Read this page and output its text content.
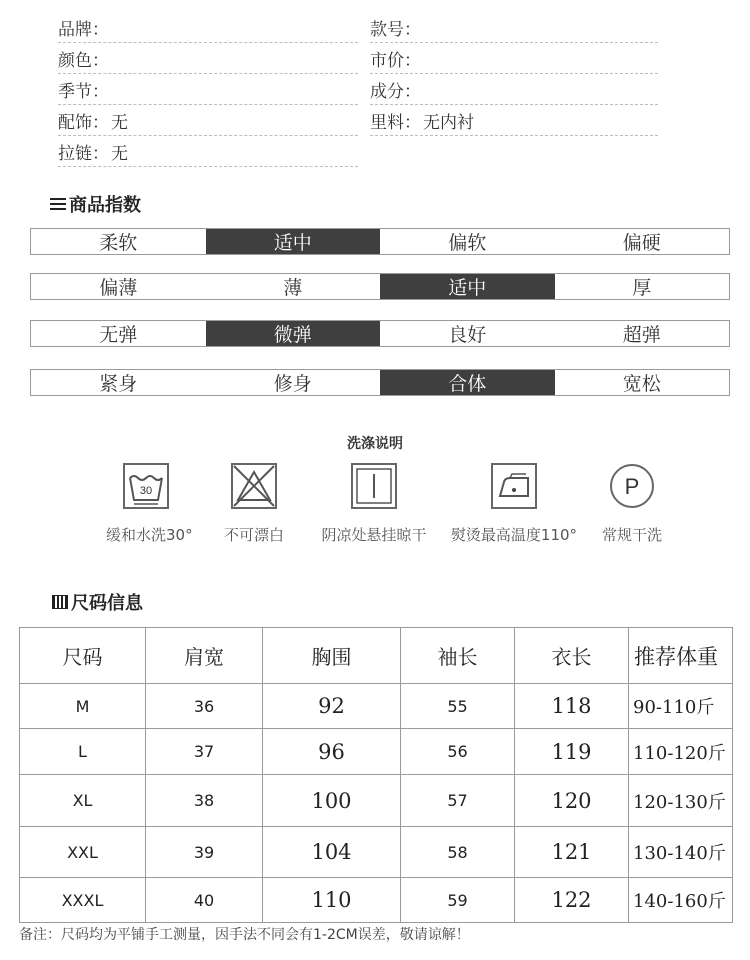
品牌 ：	款号 ：
颜色 ：	市价 ：
季节 ：	成分 ：
配饰 ：	无	里料 ：	无内衬
拉链 ：	无
商品指数
柔软	适中	偏软	偏硬
偏薄	薄	适中	厚
无弹	微弹	良好	超弹
紧身	修身	合体	宽松
洗涤说明
30
缓和水洗30°	不可漂白	阴凉处悬挂晾干	熨烫最高温度110°
P
常规干洗
尺码信息
尺码	肩宽	胸围	袖长	衣长	推荐体重
M	36	92	55	118	90-110斤
L	37	96	56	119	110-120斤
XL	38	100	57	120	120-130斤
XXL	39	104	58	121	130-140斤
XXXL	40	110	59	122	140-160斤
备注：尺码均为平铺手工测量，因手法不同会有1-2CM误差，敬请谅解！
